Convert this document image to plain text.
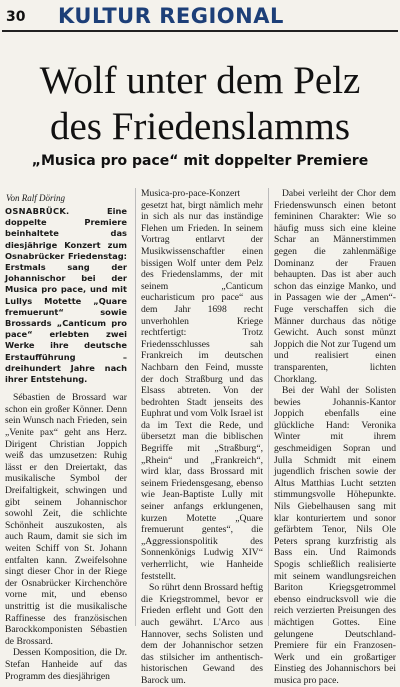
30 KULTUR REGIONAL
Wolf unter dem Pelz
des Friedenslamms
„Musica pro pace“ mit doppelter Premiere
Von Ralf Döring

OSNABRÜCK.	Eine doppelte Premiere beinhaltete das diesjährige Konzert zum Osnabrücker Friedenstag: Erstmals sang der Johannischor bei der Musica pro pace, und mit Lullys Motette „Quare fremuerunt“ sowie Brossards „Canticum pro pace“ erlebten zwei Werke ihre deutsche Erstaufführung – dreihundert Jahre nach ihrer Entstehung.

Sébastien de Brossard war schon ein großer Könner. Denn sein Wunsch nach Frieden, sein „Venite pax“ geht ans Herz. Dirigent Christian Joppich weiß das umzusetzen: Ruhig lässt er den Dreiertakt, das musikalische Symbol der Dreifaltigkeit, schwingen und gibt seinem Johannischor sowohl Zeit, die schlichte Schönheit auszukosten, als auch Raum, damit sie sich im weiten Schiff von St. Johann entfalten kann. Zweifelsohne singt dieser Chor in der Riege der Osnabrücker Kirchenchöre vorne mit, und ebenso unstrittig ist die musikalische Raffinesse des französischen Barockkomponisten Sébastien de Brossard.

Dessen Komposition, die Dr. Stefan Hanheide auf das Programm des diesjährigen

Musica-pro-pace-Konzert gesetzt hat, birgt nämlich mehr in sich als nur das inständige Flehen um Frieden. In seinem Vortrag entlarvt der Musikwissenschaftler einen bissigen Wolf unter dem Pelz des Friedenslamms, der mit seinem „Canticum eucharisticum pro pace“ aus dem Jahr 1698 recht unverhohlen Kriege rechtfertigt: Trotz Friedensschlusses sah Frankreich im deutschen Nachbarn den Feind, musste der doch Straßburg und das Elsass abtreten. Von der bedrohten Stadt jenseits des Euphrat und vom Volk Israel ist da im Text die Rede, und übersetzt man die biblischen Begriffe mit „Straßburg“, „Rhein“ und „Frankreich“, wird klar, dass Brossard mit seinem Friedensgesang, ebenso wie Jean-Baptiste Lully mit seiner anfangs erklungenen, kurzen Motette „Quare fremuerunt gentes“, die „Aggressionspolitik des Sonnenkönigs Ludwig XIV“ verherrlicht, wie Hanheide feststellt.

So rührt denn Brossard heftig die Kriegstrommel, bevor er Frieden erfleht und Gott den auch gewährt. L'Arco aus Hannover, sechs Solisten und dem der Johannischor setzen das stilsicher im anthentisch-historischen Gewand des Barock um.

Dabei verleiht der Chor dem Friedenswunsch einen betont femininen Charakter: Wie so häufig muss sich eine kleine Schar an Männerstimmen gegen die zahlenmäßige Dominanz der Frauen behaupten. Das ist aber auch schon das einzige Manko, und in Passagen wie der „Amen“-Fuge verschaffen sich die Männer durchaus das nötige Gewicht. Auch sonst münzt Joppich die Not zur Tugend um und realisiert einen transparenten, lichten Chorklang.

Bei der Wahl der Solisten bewies Johannis-Kantor Joppich ebenfalls eine glückliche Hand: Veronika Winter mit ihrem geschmeidigen Sopran und Julla Schmidt mit einem jugendlich frischen sowie der Altus Matthias Lucht setzten stimmungsvolle Höhepunkte. Nils Giebelhausen sang mit klar konturiertem und sonor gefärbtem Tenor, Nils Ole Peters sprang kurzfristig als Bass ein. Und Raimonds Spogis schließlich realisierte mit seinem wandlungsreichen Bariton Kriegsgetrommel ebenso eindrucksvoll wie die reich verzierten Preisungen des mächtigen Gottes. Eine gelungene Deutschland-Premiere für ein Franzosen-Werk und ein großartiger Einstieg des Johannischors bei musica pro pace.
